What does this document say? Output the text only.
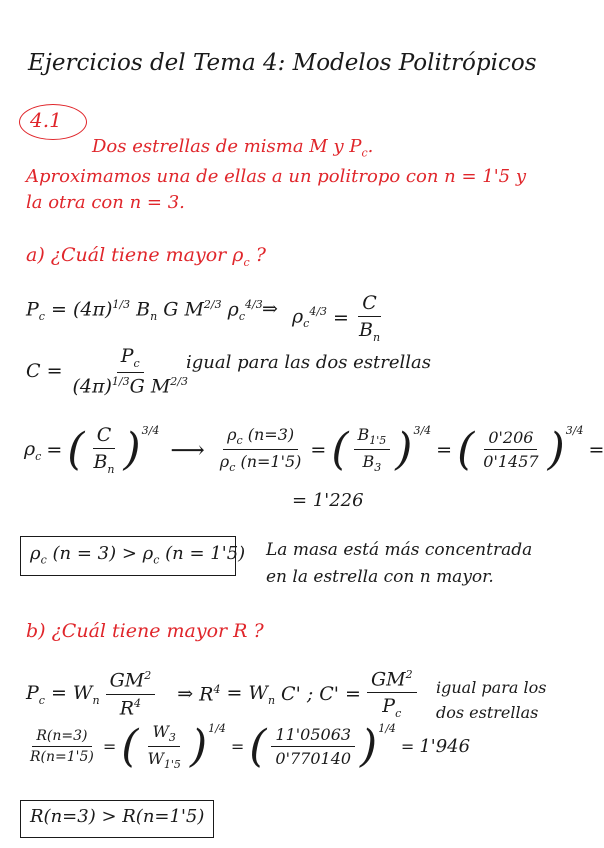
Ejercicios del Tema 4: Modelos Politrópicos
4.1
Dos estrellas de misma M y $P_c$.
Aproximamos una de ellas a un politropo con n = 1'5 y
la otra con n = 3.
a) ¿Cuál tiene mayor $\rho_c$ ?
$P_c = (4\pi)^{1/3}$ $B_n$ G $M^{2/3}$ $\rho_c^{4/3}$ ⇒ $\rho_c^{4/3} = \frac{C}{B_n}$
$C = \frac{P_c}{(4\pi)^{1/3}G M^{2/3}}$
igual para las dos estrellas
$\rho_c$ = ( $\frac{C}{B_n}$ ) 3/4
⟶ $\frac{\rho_c (n=3)}{\rho_c (n=1'5)}$ = ( $\frac{B_{1'5}}{B_3}$ ) 3/4
= ( $\frac{0'206}{0'1457}$ ) 3/4
=
= 1'226
$\rho_c$ $(n = 3) > \rho_c$ (n = 1'5) La masa está más concentrada
en la estrella con n mayor.
b) ¿Cuál tiene mayor R ?
$P_c = W_n \frac{GM^2}{R^4}$ ⇒ $R^4 = W_n$ C' ; $C' = \frac{GM^2}{P_c}$ igual para los
dos estrellas
$\frac{R(n=3)}{R(n=1'5)}$ = ( $\frac{W_3}{W_{1'5}}$ ) 1/4
= ( $\frac{11'05063}{0'770140}$ ) 1/4
= 1'946
R(n=3) > R(n=1'5)
